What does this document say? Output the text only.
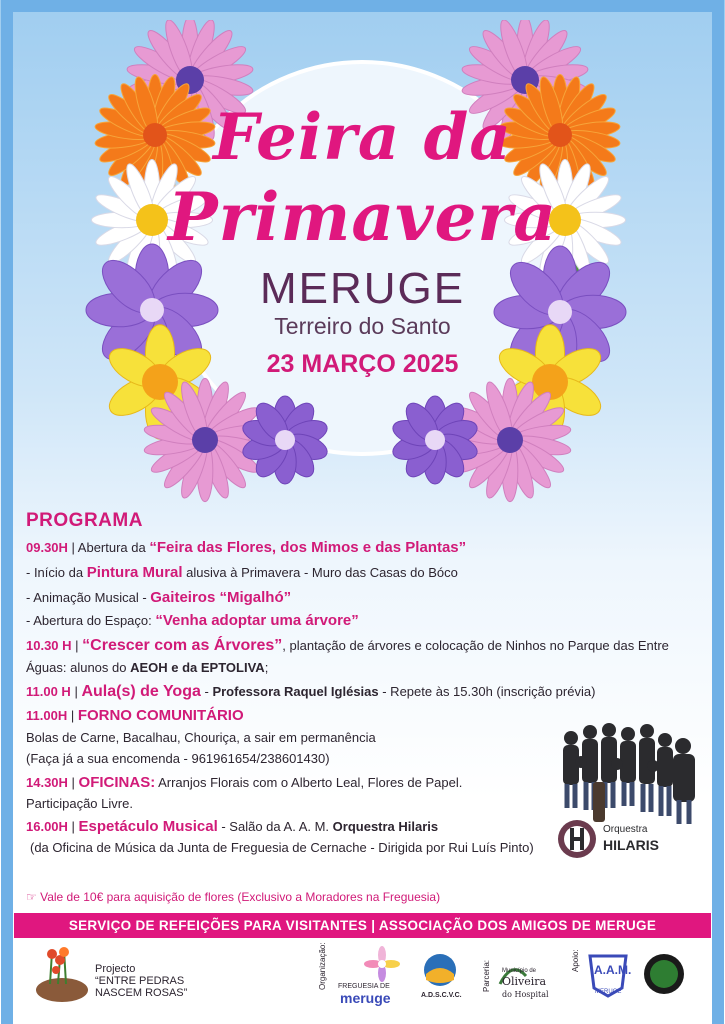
Feira da
Primavera
MERUGE
Terreiro do Santo
23 MARÇO 2025
PROGRAMA
09.30H | Abertura da “Feira das Flores, dos Mimos e das Plantas”
- Início da Pintura Mural alusiva à Primavera - Muro das Casas do Bóco
- Animação Musical - Gaiteiros “Migalhó”
- Abertura do Espaço: “Venha adoptar uma árvore”
10.30 H | “Crescer com as Árvores”, plantação de árvores e colocação de Ninhos no Parque das Entre
Águas: alunos do AEOH e da EPTOLIVA;
11.00 H | Aula(s) de Yoga - Professora Raquel Iglésias - Repete às 15.30h (inscrição prévia)
11.00H | FORNO COMUNITÁRIO
Bolas de Carne, Bacalhau, Chouriça, a sair em permanência
(Faça já a sua encomenda - 961961654/238601430)
14.30H | OFICINAS: Arranjos Florais com o Alberto Leal, Flores de Papel.
Participação Livre.
16.00H | Espetáculo Musical - Salão da A. A. M. Orquestra Hilaris
(da Oficina de Música da Junta de Freguesia de Cernache - Dirigida por Rui Luís Pinto)
Orquestra
HILARIS
☞ Vale de 10€ para aquisição de flores (Exclusivo a Moradores na Freguesia)
SERVIÇO DE REFEIÇÕES PARA VISITANTES | ASSOCIAÇÃO DOS AMIGOS DE MERUGE
Projecto
“ENTRE PEDRAS
NASCEM ROSAS”
Organização: FREGUESIA DE
meruge	A.D.S.C.V.C.
Parceria: Município de
Oliveira
do Hospital
Apoio: A.A.M.
MERUGE
